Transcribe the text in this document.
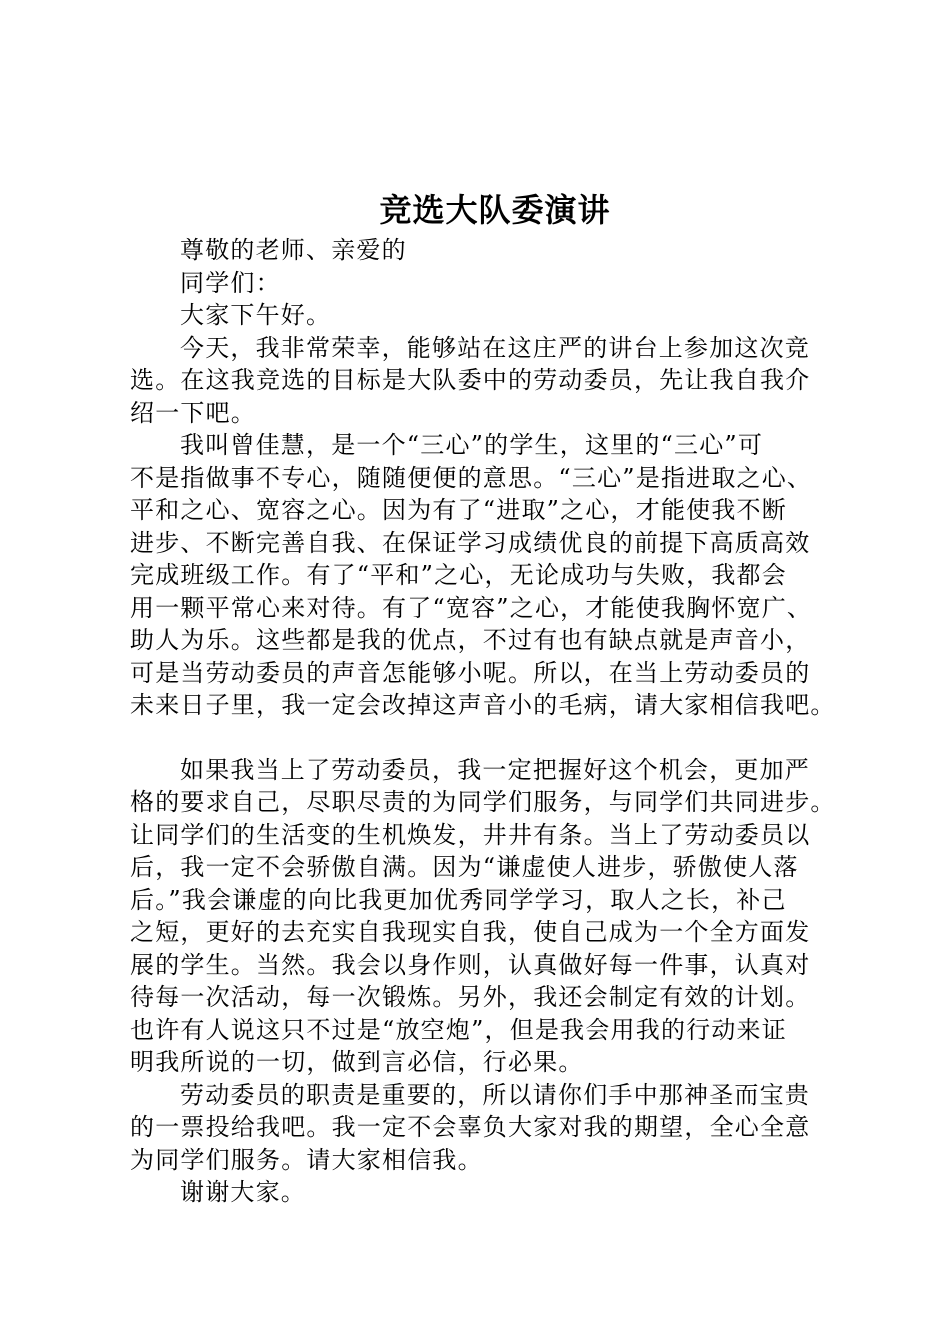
竞选大队委演讲
尊敬的老师、亲爱的
同学们：
大家下午好。
今天，我非常荣幸，能够站在这庄严的讲台上参加这次竞
选。在这我竞选的目标是大队委中的劳动委员，先让我自我介
绍一下吧。
我叫曾佳慧，是一个“三心”的学生，这里的“三心”可
不是指做事不专心，随随便便的意思。“三心”是指进取之心、
平和之心、宽容之心。因为有了“进取”之心，才能使我不断
进步、不断完善自我、在保证学习成绩优良的前提下高质高效
完成班级工作。有了“平和”之心，无论成功与失败，我都会
用一颗平常心来对待。有了“宽容”之心，才能使我胸怀宽广、
助人为乐。这些都是我的优点，不过有也有缺点就是声音小，
可是当劳动委员的声音怎能够小呢。所以，在当上劳动委员的
未来日子里，我一定会改掉这声音小的毛病，请大家相信我吧。
如果我当上了劳动委员，我一定把握好这个机会，更加严
格的要求自己，尽职尽责的为同学们服务，与同学们共同进步。
让同学们的生活变的生机焕发，井井有条。当上了劳动委员以
后，我一定不会骄傲自满。因为“谦虚使人进步，骄傲使人落
后。”我会谦虚的向比我更加优秀同学学习，取人之长，补己
之短，更好的去充实自我现实自我，使自己成为一个全方面发
展的学生。当然。我会以身作则，认真做好每一件事，认真对
待每一次活动，每一次锻炼。另外，我还会制定有效的计划。
也许有人说这只不过是“放空炮”，但是我会用我的行动来证
明我所说的一切，做到言必信，行必果。
劳动委员的职责是重要的，所以请你们手中那神圣而宝贵
的一票投给我吧。我一定不会辜负大家对我的期望，全心全意
为同学们服务。请大家相信我。
谢谢大家。
